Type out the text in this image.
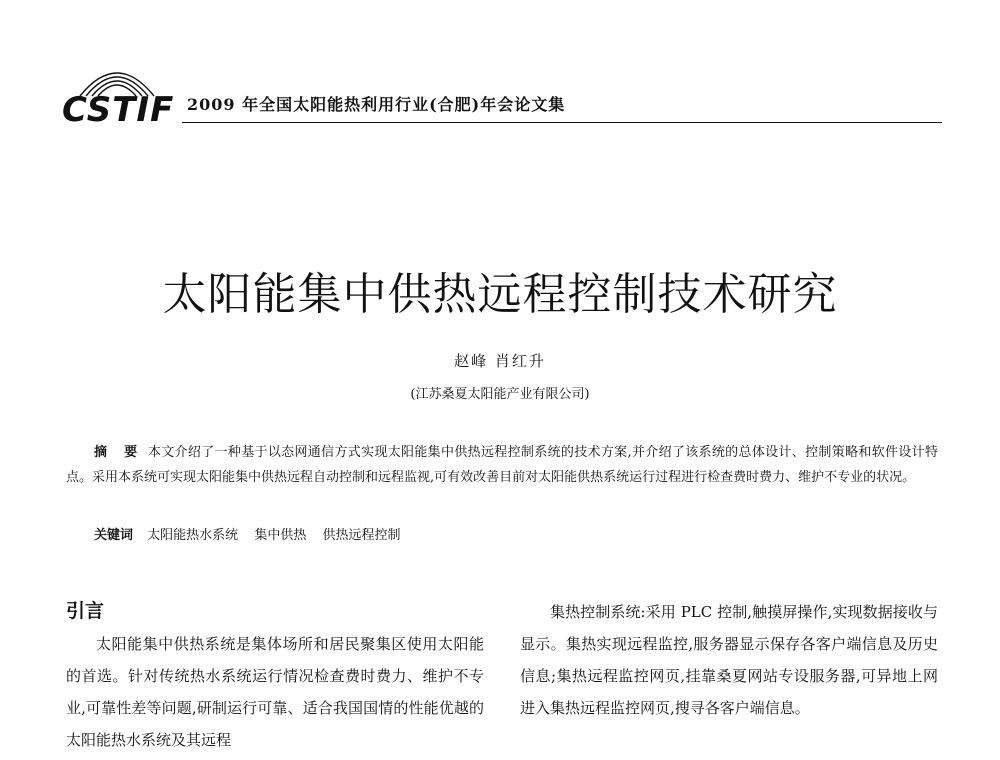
CSTIF 2009 年全国太阳能热利用行业(合肥)年会论文集
太阳能集中供热远程控制技术研究
赵峰 肖红升
(江苏桑夏太阳能产业有限公司)
摘 要 本文介绍了一种基于以态网通信方式实现太阳能集中供热远程控制系统的技术方案,并介绍了该系统的总体设计、控制策略和软件设计特点。采用本系统可实现太阳能集中供热远程自动控制和远程监视,可有效改善目前对太阳能供热系统运行过程进行检查费时费力、维护不专业的状况。
关键词 太阳能热水系统 集中供热 供热远程控制
引言

太阳能集中供热系统是集体场所和居民聚集区使用太阳能的首选。针对传统热水系统运行情况检查费时费力、维护不专业,可靠性差等问题,研制运行可靠、适合我国国情的性能优越的太阳能热水系统及其远程

集热控制系统:采用 PLC 控制,触摸屏操作,实现数据接收与显示。集热实现远程监控,服务器显示保存各客户端信息及历史信息;集热远程监控网页,挂靠桑夏网站专设服务器,可异地上网进入集热远程监控网页,搜寻各客户端信息。
